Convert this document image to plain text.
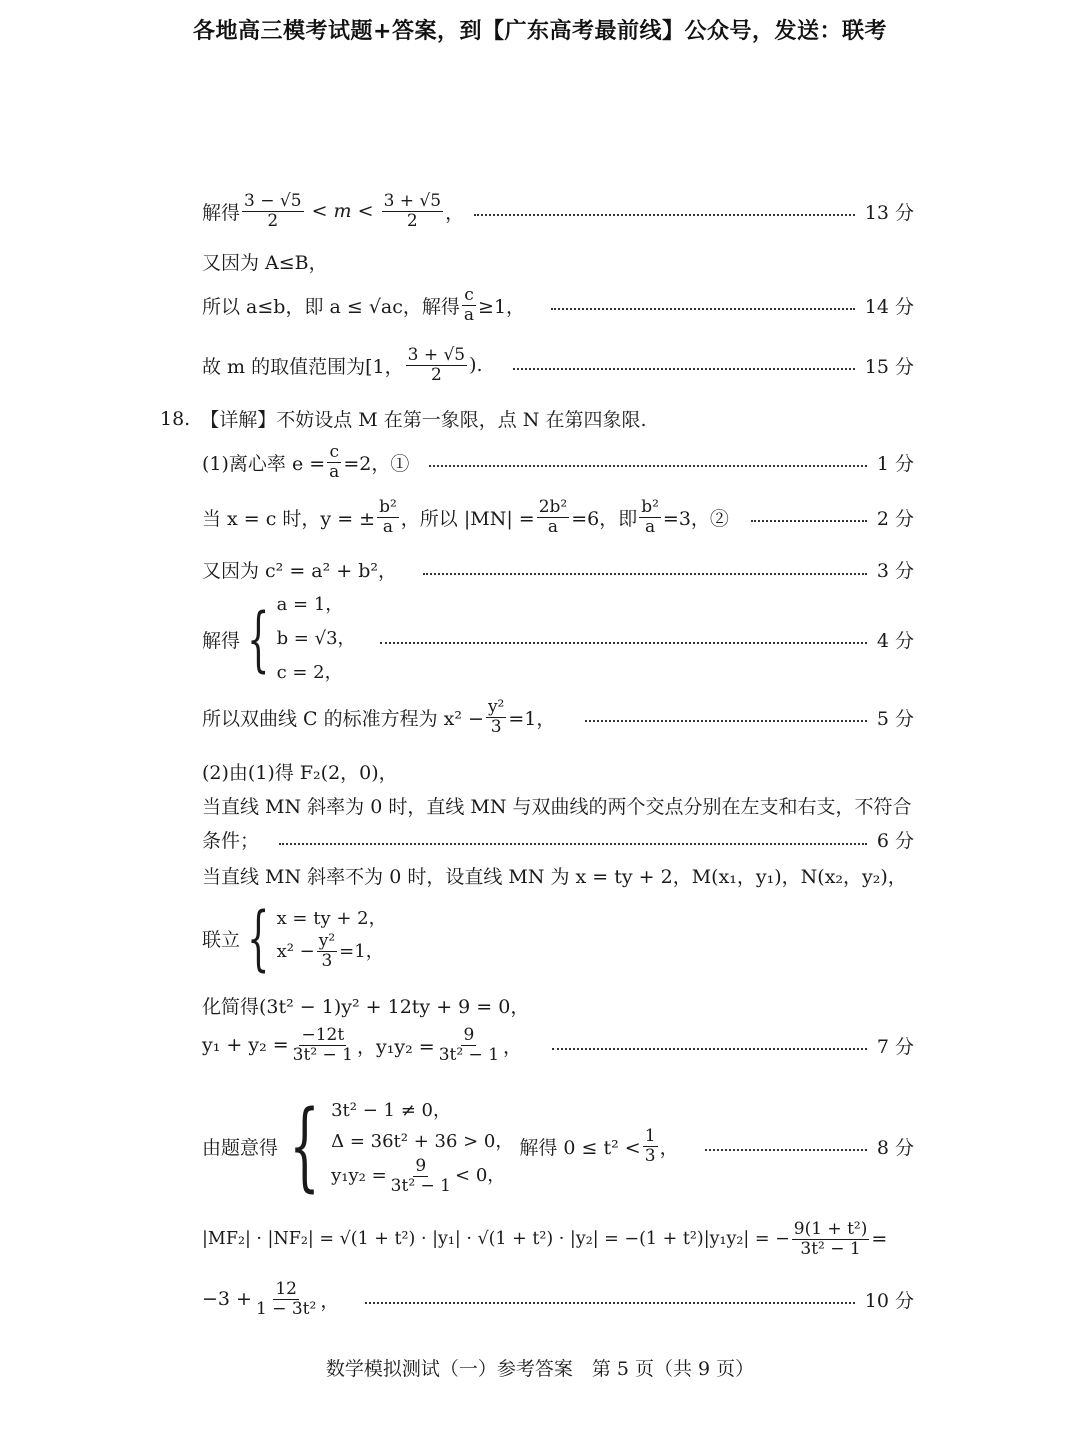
各地高三模考试题+答案，到【广东高考最前线】公众号，发送：联考
解得 $\frac{3 - √5}{2} < m < \frac{3 + √5}{2}$ ，	13 分
又因为 A≤B，
所以 a≤b，即 a ≤ √ac，解得 $\frac{c}{a} \ge 1$，	14 分
故 m 的取值范围为[1， $\frac{3 + √5}{2}$ ).	15 分
18. 【详解】不妨设点 M 在第一象限，点 N 在第四象限.
(1)离心率 $e = \frac{c}{a} =2$，①	1 分
当 x = c 时，y = ± $\frac{\text{b²}}{a}$ ，所以 $|MN| = \frac{\text{2b²}}{a} =6$，即 $\frac{\text{b²}}{a} =3$，②	2 分
又因为 c² = a² + b²，	3 分
解得 { a = 1，
b = √3，
c = 2，
4 分
所以双曲线 C 的标准方程为 $x^2 - \frac{\text{y²}}{3} =1$，	5 分
(2)由(1)得 F₂(2，0)，
当直线 MN 斜率为 0 时，直线 MN 与双曲线的两个交点分别在左支和右支，不符合
条件；	6 分
当直线 MN 斜率不为 0 时，设直线 MN 为 x = ty + 2，M(x₁，y₁)，N(x₂，y₂)，
联立 { x = ty + 2，
$x^2 - \frac{\text{y²}}{3} =1$，
化简得(3t² − 1)y² + 12ty + 9 = 0，
$y_1 + y_2 = \frac{-12t}{\text{3t² − 1}}$ ，$y_1y_2 = \frac{9}{\text{3t² − 1}}$ ，	7 分
由题意得 { 3t² − 1 ≠ 0，
Δ = 36t² + 36 > 0，
$y_1y_2 = \frac{9}{\text{3t² − 1}} < 0$，
解得 $0 \le t^2 < \frac{1}{3}$ ，	8 分
|MF₂| · |NF₂| = √(1 + t²) · |y₁| · √(1 + t²) · |y₂| = −(1 + t²)|y₁y₂| = − $\frac{\text{9(1 + t²)}}{\text{3t² − 1}}$ =
$-3 + \frac{12}{\text{1 − 3t²}}$ ，	10 分
数学模拟测试（一）参考答案　第 5 页（共 9 页）
